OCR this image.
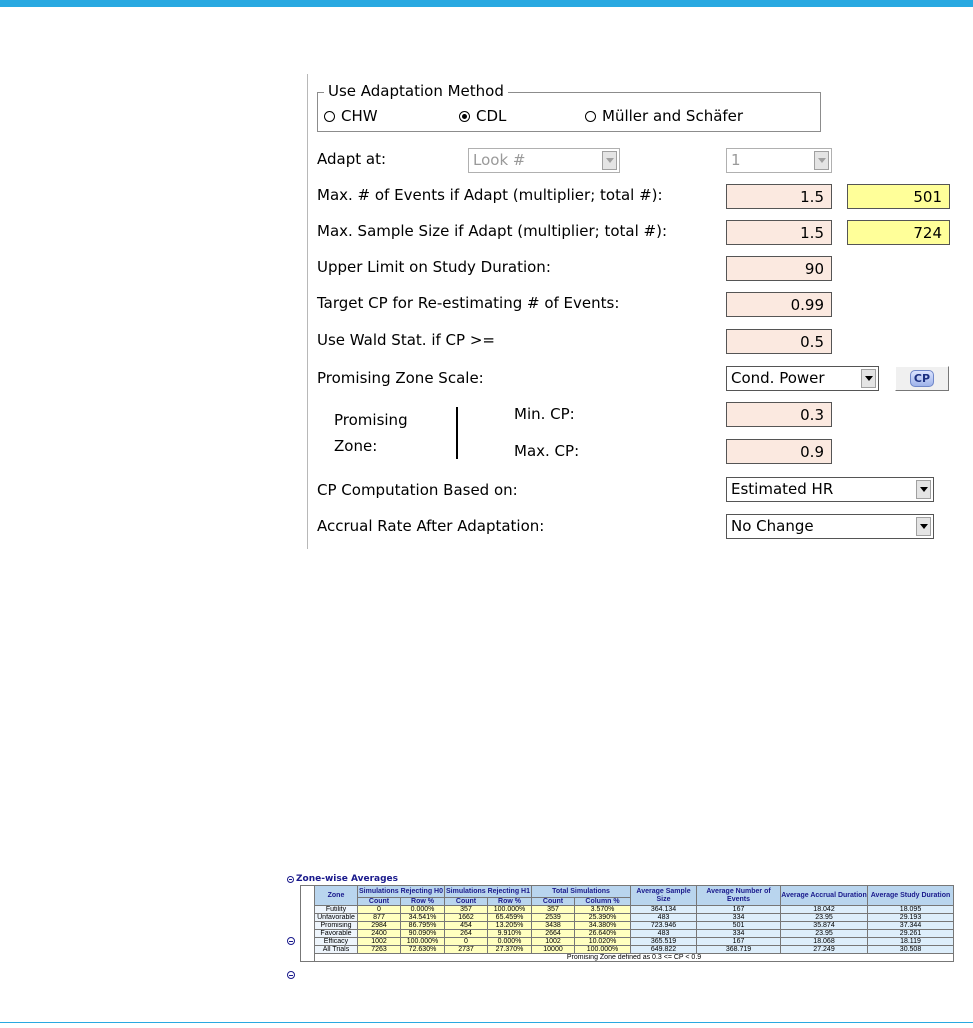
Use Adaptation Method
CHW	CDL	Müller and Schäfer
Adapt at:	Look #	1
Max. # of Events if Adapt (multiplier; total #):
1.5
501
Max. Sample Size if Adapt (multiplier; total #):
1.5
724
Upper Limit on Study Duration:
90
Target CP for Re-estimating # of Events:
0.99
Use Wald Stat. if CP >=
0.5
Promising Zone Scale:	Cond. Power	CP
Promising
Zone:
Min. CP:
0.3
Max. CP:
0.9
CP Computation Based on:	Estimated HR
Accrual Rate After Adaptation:	No Change
Zone-wise Averages
	Zone	Simulations Rejecting H0		Simulations Rejecting H1		Total Simulations		Average Sample Size	Average Number of Events	Average Accrual Duration	Average Study Duration
		Count	Row %	Count	Row %	Count	Column %				
	Futility	0	0.000%	357	100.000%	357	3.570%	364.134	167	18.042	18.095
	Unfavorable	877	34.541%	1662	65.459%	2539	25.390%	483	334	23.95	29.193
	Promising	2984	86.795%	454	13.205%	3438	34.380%	723.946	501	35.874	37.344
	Favorable	2400	90.090%	264	9.910%	2664	26.640%	483	334	23.95	29.261
	Efficacy	1002	100.000%	0	0.000%	1002	10.020%	365.519	167	18.068	18.119
	All Trials	7263	72.630%	2737	27.370%	10000	100.000%	649.822	368.719	27.249	30.508
	Promising Zone defined as 0.3 <= CP < 0.9										
